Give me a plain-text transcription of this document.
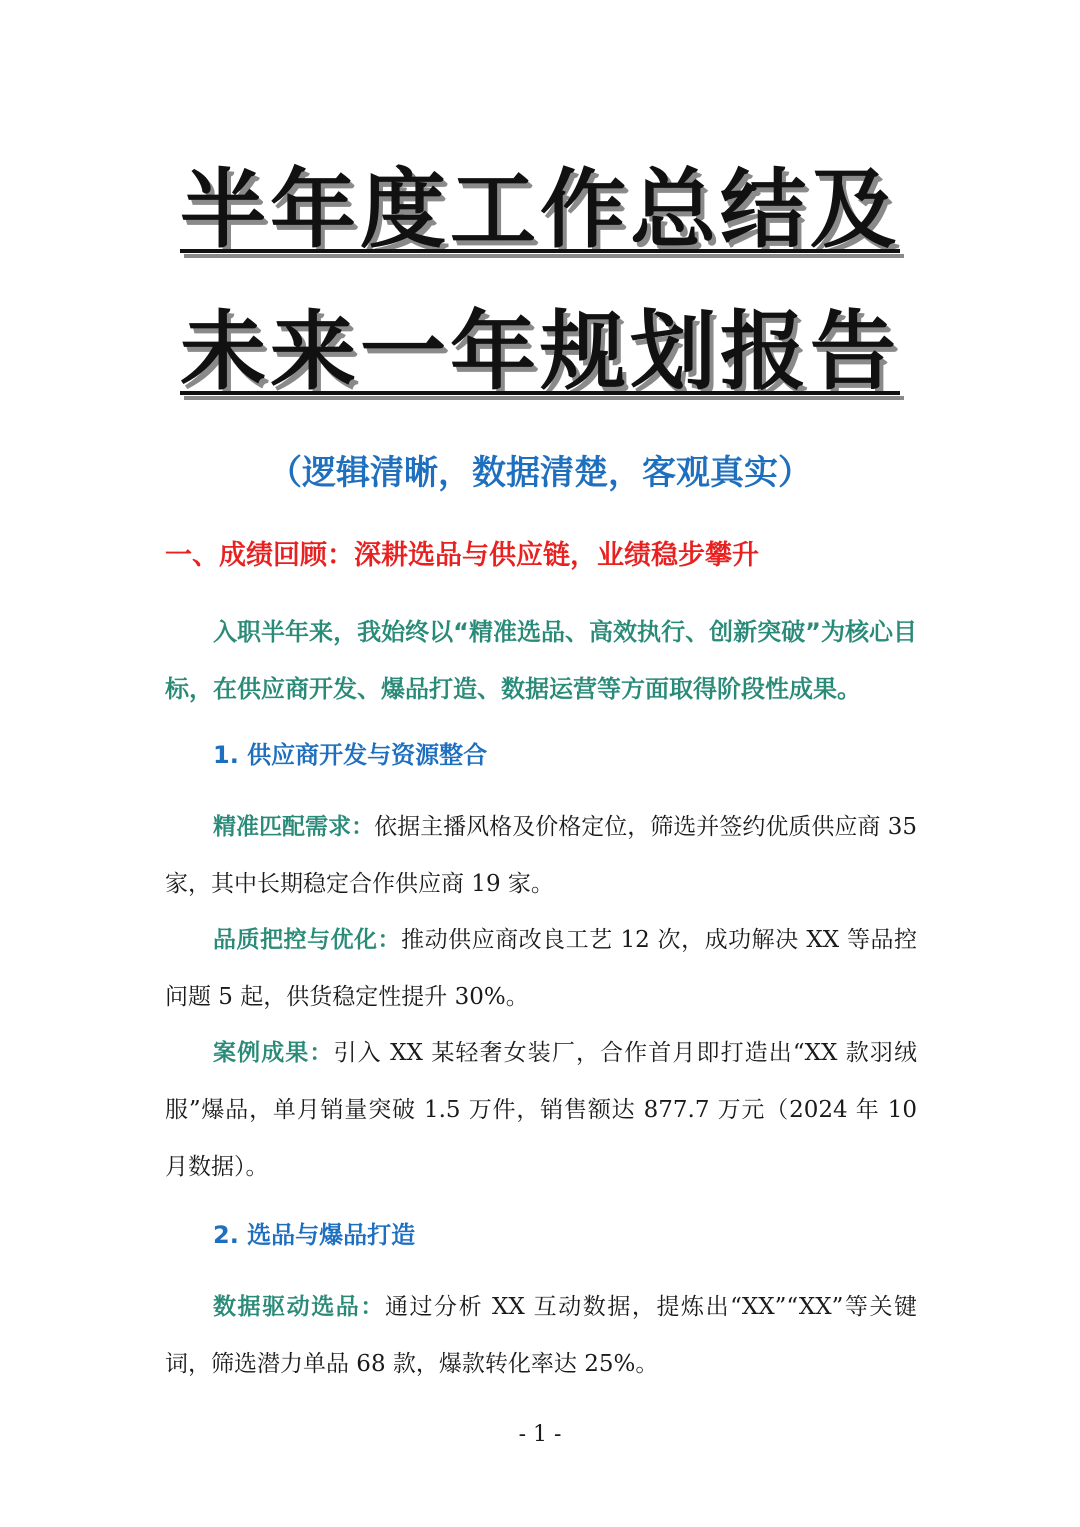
半年度工作总结及
未来一年规划报告
（逻辑清晰，数据清楚，客观真实）
一、成绩回顾：深耕选品与供应链，业绩稳步攀升
入职半年来，我始终以“精准选品、高效执行、创新突破”为核心目标，在供应商开发、爆品打造、数据运营等方面取得阶段性成果。
1. 供应商开发与资源整合
精准匹配需求：依据主播风格及价格定位，筛选并签约优质供应商 35 家，其中长期稳定合作供应商 19 家。
品质把控与优化：推动供应商改良工艺 12 次，成功解决 XX 等品控问题 5 起，供货稳定性提升 30%。
案例成果：引入 XX 某轻奢女装厂，合作首月即打造出“XX 款羽绒服”爆品，单月销量突破 1.5 万件，销售额达 877.7 万元（2024 年 10 月数据）。
2. 选品与爆品打造
数据驱动选品：通过分析 XX 互动数据，提炼出“XX”“XX”等关键词，筛选潜力单品 68 款，爆款转化率达 25%。
- 1 -
